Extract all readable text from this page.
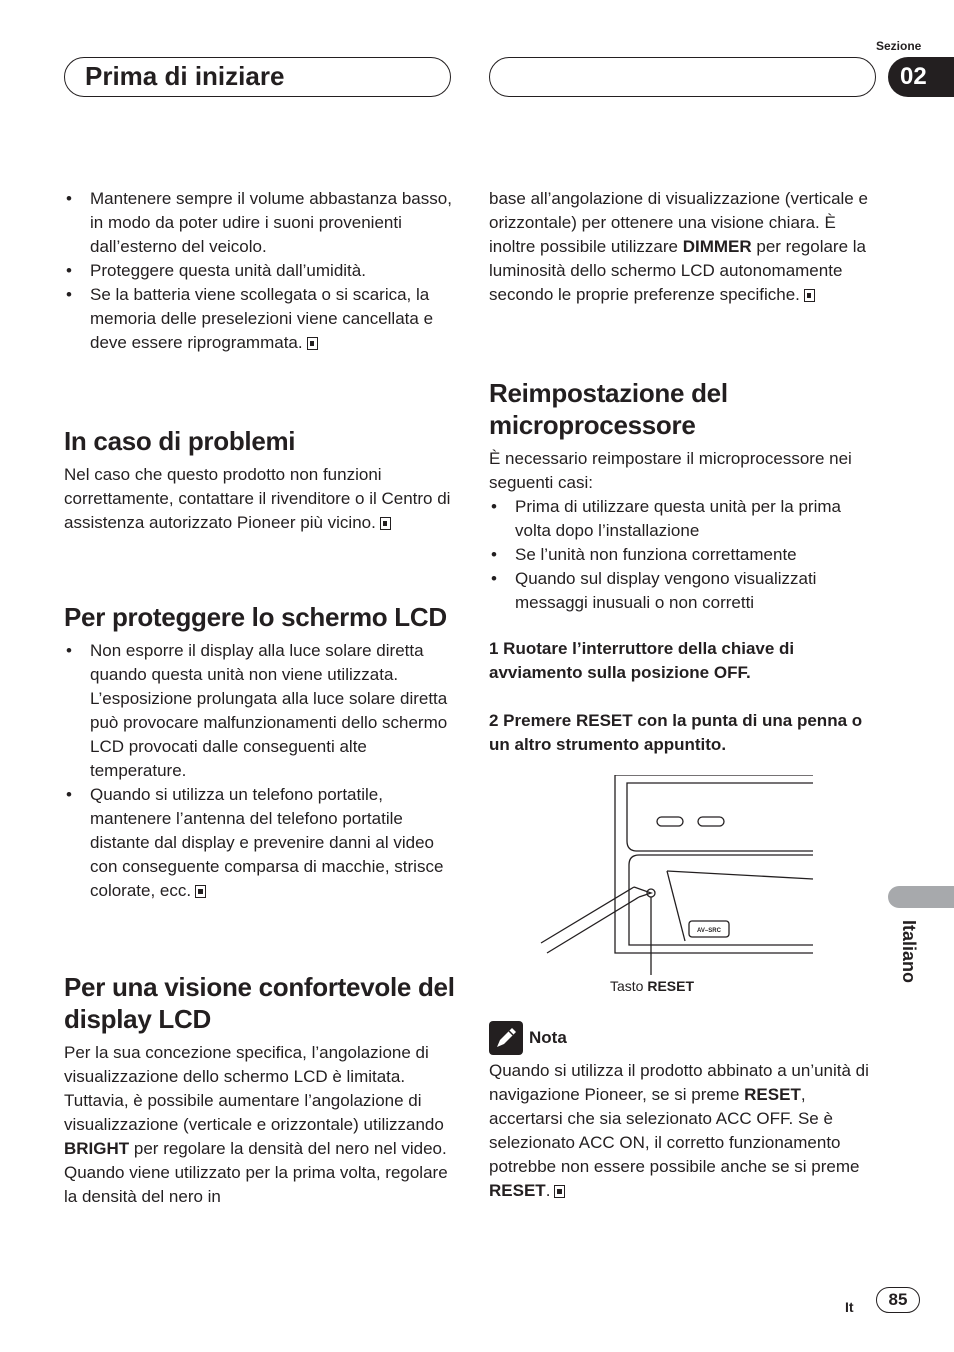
Prima di iniziare
Sezione
02
• Mantenere sempre il volume abbastanza basso, in modo da poter udire i suoni provenienti dall’esterno del veicolo.
• Proteggere questa unità dall’umidità.
• Se la batteria viene scollegata o si scarica, la memoria delle preselezioni viene cancellata e deve essere riprogrammata.
In caso di problemi

Nel caso che questo prodotto non funzioni correttamente, contattare il rivenditore o il Centro di assistenza autorizzato Pioneer più vicino.

Per proteggere lo schermo LCD
• Non esporre il display alla luce solare diretta quando questa unità non viene utilizzata. L’esposizione prolungata alla luce solare diretta può provocare malfunzionamenti dello schermo LCD provocati dalle conseguenti alte temperature.
• Quando si utilizza un telefono portatile, mantenere l’antenna del telefono portatile distante dal display e prevenire danni al video con conseguente comparsa di macchie, strisce colorate, ecc.
Per una visione confortevole del display LCD

Per la sua concezione specifica, l’angolazione di visualizzazione dello schermo LCD è limitata. Tuttavia, è possibile aumentare l’angolazione di visualizzazione (verticale e orizzontale) utilizzando BRIGHT per regolare la densità del nero nel video. Quando viene utilizzato per la prima volta, regolare la densità del nero in

base all’angolazione di visualizzazione (verticale e orizzontale) per ottenere una visione chiara. È inoltre possibile utilizzare DIMMER per regolare la luminosità dello schermo LCD autonomamente secondo le proprie preferenze specifiche.

Reimpostazione del microprocessore

È necessario reimpostare il microprocessore nei seguenti casi:

• Prima di utilizzare questa unità per la prima volta dopo l’installazione
• Se l’unità non funziona correttamente
• Quando sul display vengono visualizzati messaggi inusuali o non corretti
1 Ruotare l’interruttore della chiave di avviamento sulla posizione OFF.
2 Premere RESET con la punta di una penna o un altro strumento appuntito.
AV–SRC
Tasto RESET
Nota

Quando si utilizza il prodotto abbinato a un’unità di navigazione Pioneer, se si preme RESET, accertarsi che sia selezionato ACC OFF. Se è selezionato ACC ON, il corretto funzionamento potrebbe non essere possibile anche se si preme RESET.

Italiano
It	85
